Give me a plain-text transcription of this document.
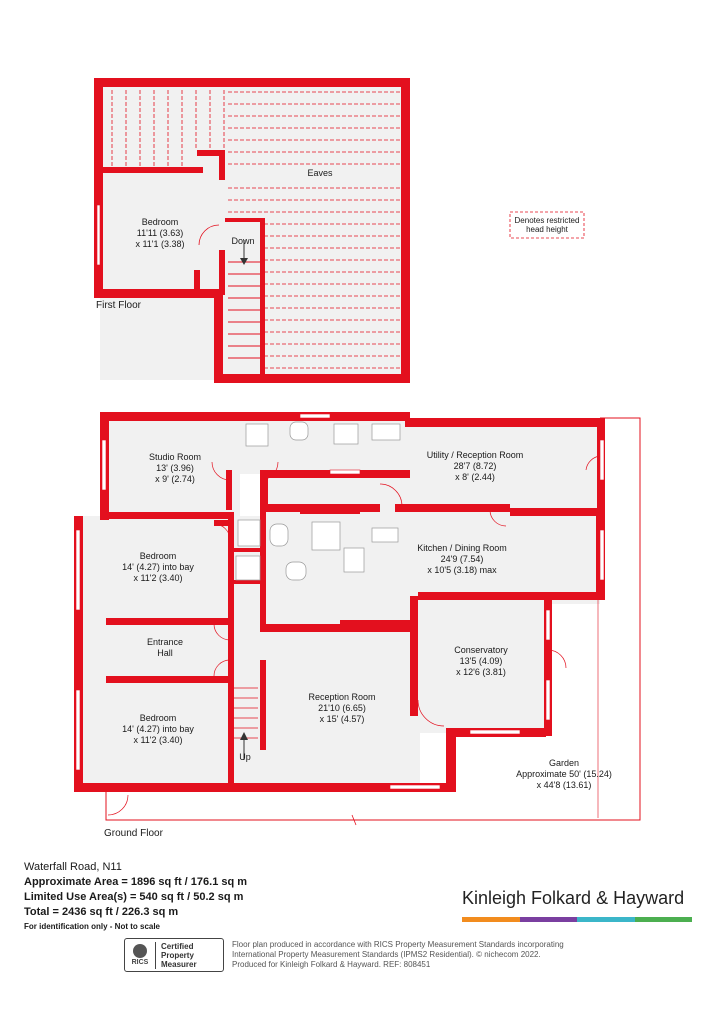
Eaves
Bedroom
11'11 (3.63)
x 11'1 (3.38)	Down
First Floor
Denotes restricted
head height
Studio Room
13' (3.96)
x 9' (2.74)
Utility / Reception Room
28'7 (8.72)
x 8' (2.44)
Bedroom
14' (4.27) into bay
x 11'2 (3.40)
Kitchen / Dining Room
24'9 (7.54)
x 10'5 (3.18) max
Entrance
Hall	Conservatory
13'5 (4.09)
x 12'6 (3.81)
Reception Room
21'10 (6.65)
x 15' (4.57)
Bedroom
14' (4.27) into bay
x 11'2 (3.40)
Up
Garden
Approximate 50' (15.24)
x 44'8 (13.61)
Ground Floor
Waterfall Road, N11
Approximate Area = 1896 sq ft / 176.1 sq m
Limited Use Area(s) = 540 sq ft / 50.2 sq m
Total = 2436 sq ft / 226.3 sq m
For identification only - Not to scale
Kinleigh Folkard & Hayward
RICS
Certified
Property
Measurer
Floor plan produced in accordance with RICS Property Measurement Standards incorporating
International Property Measurement Standards (IPMS2 Residential). © nichecom 2022.
Produced for Kinleigh Folkard & Hayward. REF: 808451
